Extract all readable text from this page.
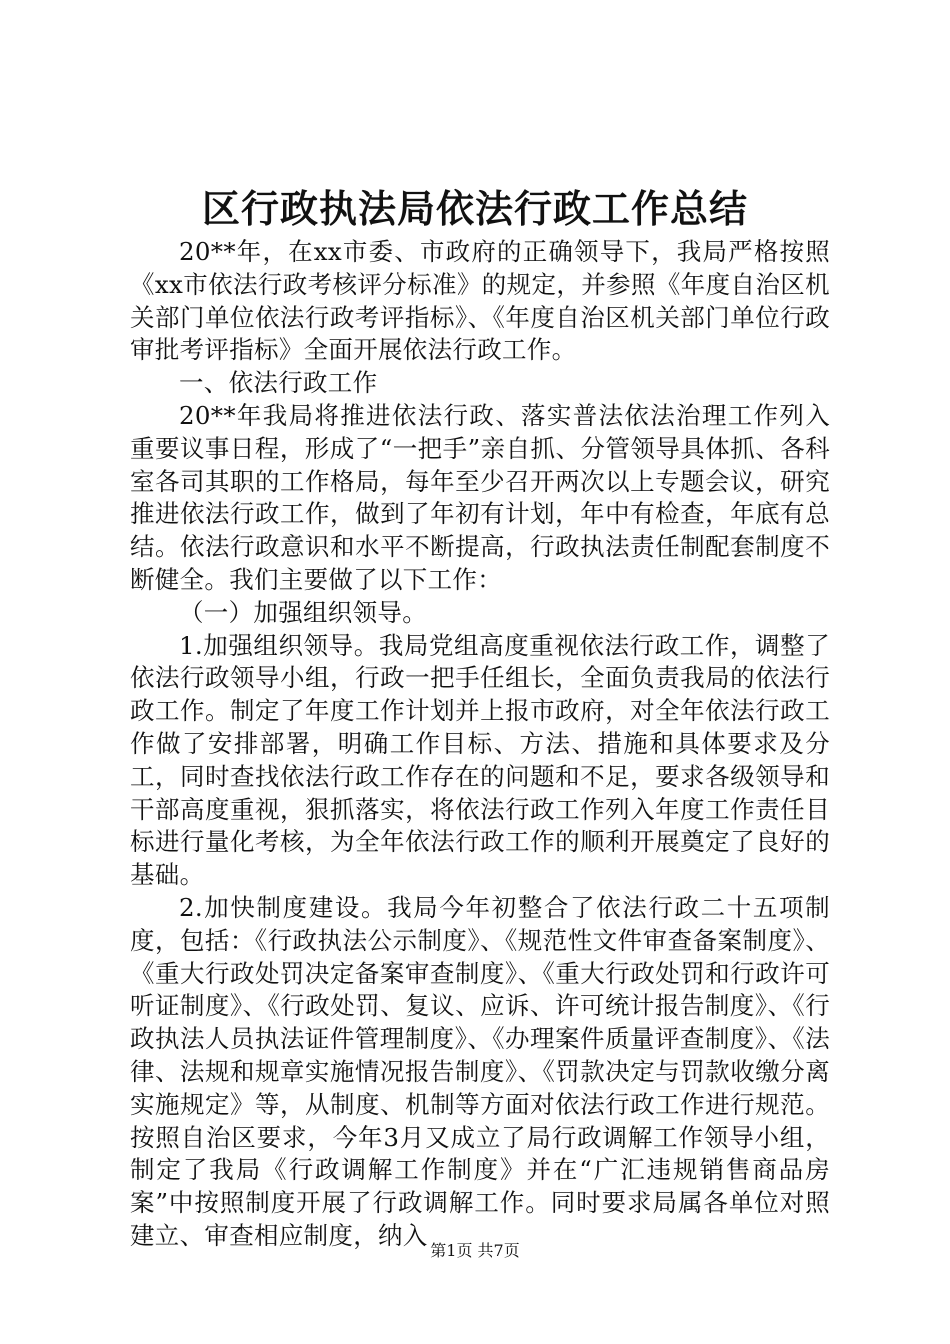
区行政执法局依法行政工作总结

20**年，在xx市委、市政府的正确领导下，我局严格按照《xx市依法行政考核评分标准》的规定，并参照《年度自治区机关部门单位依法行政考评指标》、《年度自治区机关部门单位行政审批考评指标》全面开展依法行政工作。

一、依法行政工作

20**年我局将推进依法行政、落实普法依法治理工作列入重要议事日程，形成了“一把手”亲自抓、分管领导具体抓、各科室各司其职的工作格局，每年至少召开两次以上专题会议，研究推进依法行政工作，做到了年初有计划，年中有检查，年底有总结。依法行政意识和水平不断提高，行政执法责任制配套制度不断健全。我们主要做了以下工作：

（一）加强组织领导。

1.加强组织领导。我局党组高度重视依法行政工作，调整了依法行政领导小组，行政一把手任组长，全面负责我局的依法行政工作。制定了年度工作计划并上报市政府，对全年依法行政工作做了安排部署，明确工作目标、方法、措施和具体要求及分工，同时查找依法行政工作存在的问题和不足，要求各级领导和干部高度重视，狠抓落实，将依法行政工作列入年度工作责任目标进行量化考核，为全年依法行政工作的顺利开展奠定了良好的基础。

2.加快制度建设。我局今年初整合了依法行政二十五项制度，包括：《行政执法公示制度》、《规范性文件审查备案制度》、《重大行政处罚决定备案审查制度》、《重大行政处罚和行政许可听证制度》、《行政处罚、复议、应诉、许可统计报告制度》、《行政执法人员执法证件管理制度》、《办理案件质量评查制度》、《法律、法规和规章实施情况报告制度》、《罚款决定与罚款收缴分离实施规定》等，从制度、机制等方面对依法行政工作进行规范。按照自治区要求，今年3月又成立了局行政调解工作领导小组，制定了我局《行政调解工作制度》并在“广汇违规销售商品房案”中按照制度开展了行政调解工作。同时要求局属各单位对照建立、审查相应制度，纳入

第1页 共7页
